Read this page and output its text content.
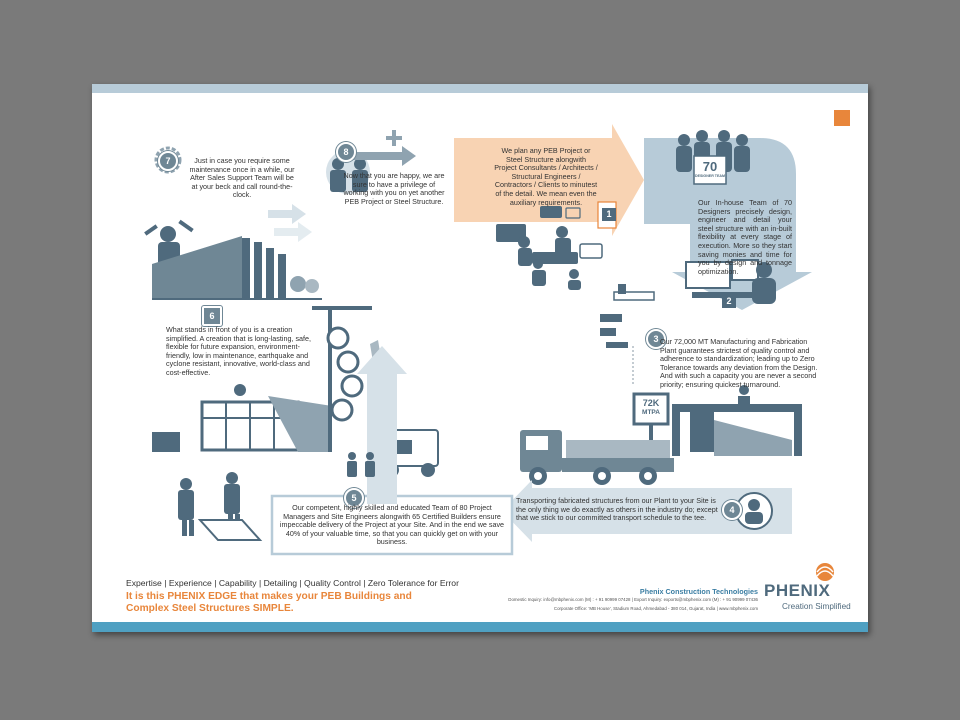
We plan any PEB Project or Steel Structure alongwith Project Consultants / Architects / Structural Engineers / Contractors / Clients to minutest of the detail. We mean even the auxiliary requirements.
1
70
DESIGNER TEAM
Our In-house Team of 70 Designers precisely design, engineer and detail your steel structure with an in-built flexibility at every stage of execution. More so they start saving monies and time for you by design and tonnage optimization.
2
3 Our 72,000 MT Manufacturing and Fabrication Plant guarantees strictest of quality control and adherence to standardization; leading up to Zero Tolerance towards any deviation from the Design. And with such a capacity you are never a second priority; ensuring quickest turnaround.
72K
MTPA
4
Transporting fabricated structures from our Plant to your Site is the only thing we do exactly as others in the industry do; except that we stick to our committed transport schedule to the tee.
5
Our competent, highly skilled and educated Team of 80 Project Managers and Site Engineers alongwith 65 Certified Builders ensure impeccable delivery of the Project at your Site. And in the end we save 40% of your valuable time, so that you can quickly get on with your business.
6
What stands in front of you is a creation simplified. A creation that is long-lasting, safe, flexible for future expansion, environment-friendly, low in maintenance, earthquake and cyclone resistant, innovative, world-class and cost-effective.
7	Just in case you require some maintenance once in a while, our After Sales Support Team will be at your beck and call round-the-clock.
8
Now that you are happy, we are sure to have a privilege of working with you on yet another PEB Project or Steel Structure.
Expertise | Experience | Capability | Detailing | Quality Control | Zero Tolerance for Error
It is this PHENIX EDGE that makes your PEB Buildings and
Complex Steel Structures SIMPLE.
Phenix Construction Technologies
Domestic Inquiry: info@mbphenix.com (M) : + 91 90999 07428 | Export Inquiry: exports@mbphenix.com (M) : + 91 90999 07436
Corporate Office: 'MB House', Stadium Road, Ahmedabad - 380 014, Gujarat, India | www.mbphenix.com
PHENIX
Creation Simplified
